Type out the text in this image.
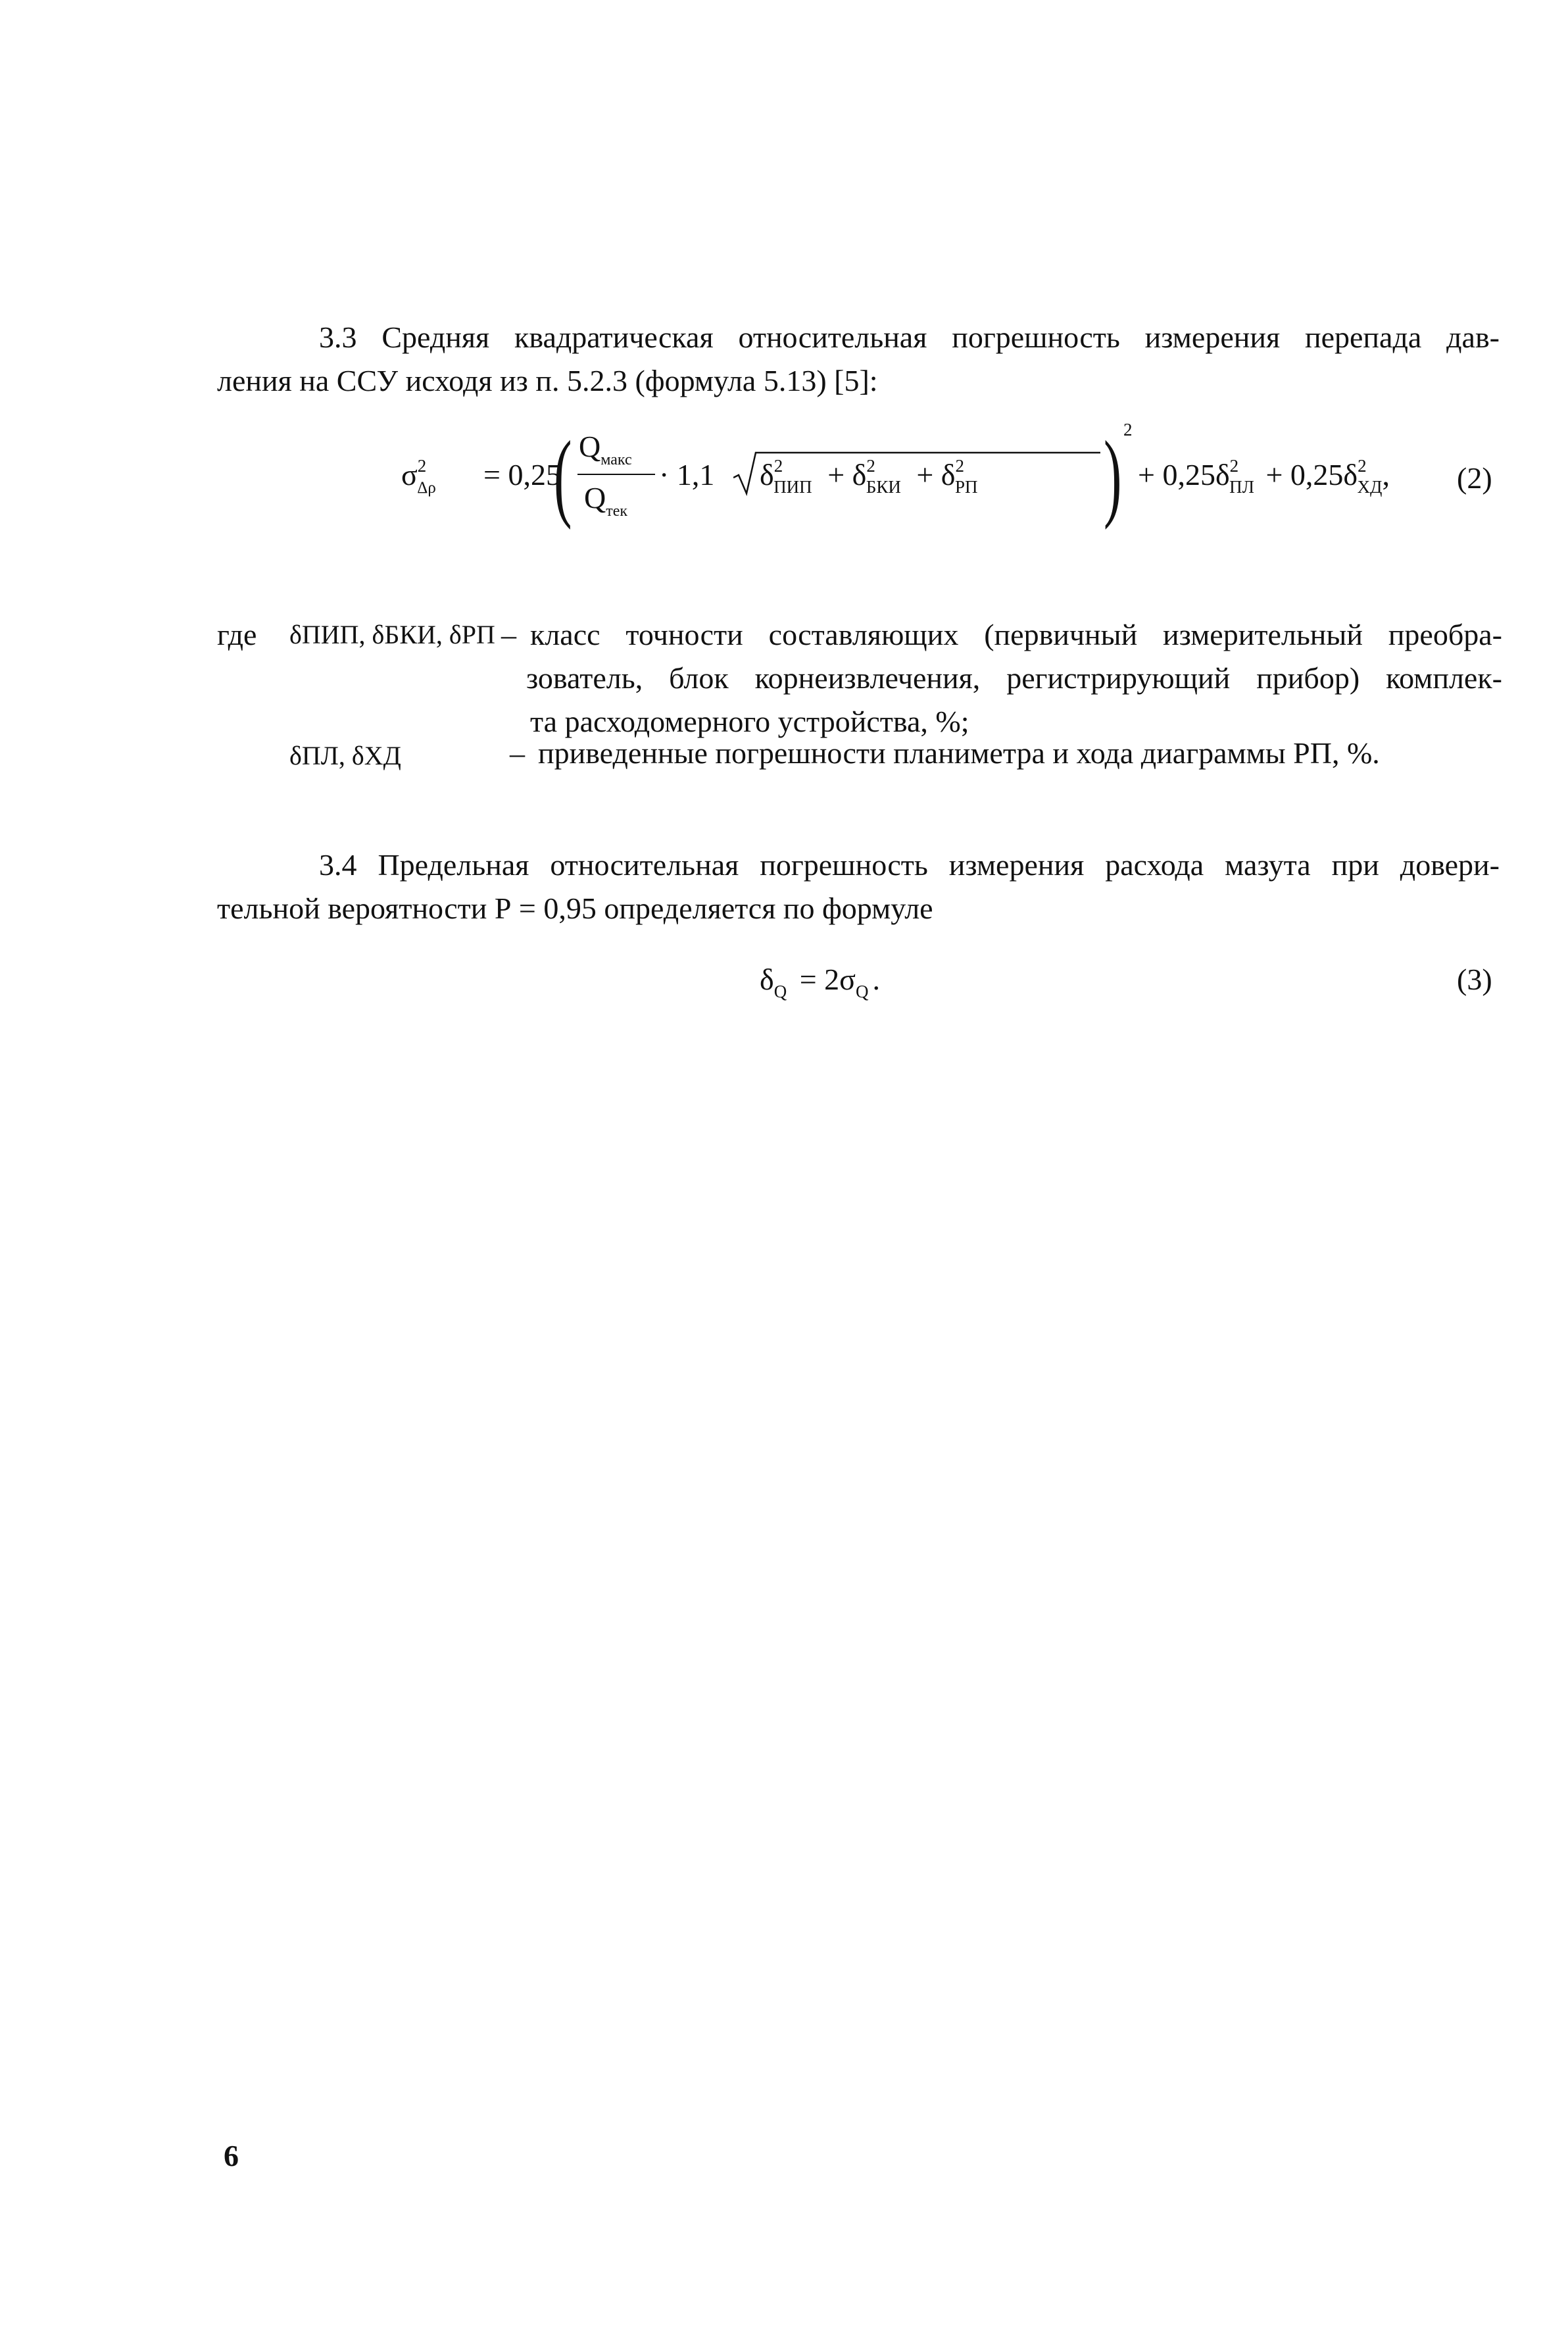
3.3 Средняя квадратическая относительная погрешность измерения перепада дав-
ления на ССУ исходя из п. 5.2.3 (формула 5.13) [5]:
$\sigma^2_{\Delta\rho} = 0,25$
( $Q_{макс}$
$Q_{тек}$
· 1,1 $\delta^2_{ПИП} + \delta^2_{БКИ} + \delta^2_{РП}$ ) 2
+ $0,25\delta^2_{ПЛ} + 0,25\delta^2_{ХД}$, (2)
где δПИП, δБКИ, δРП – класс точности составляющих (первичный измерительный преобра-
зователь, блок корнеизвлечения, регистрирующий прибор) комплек-
та расходомерного устройства, %;
δПЛ, δХД	– приведенные погрешности планиметра и хода диаграммы РП, %.
3.4 Предельная относительная погрешность измерения расхода мазута при довери-
тельной вероятности Р = 0,95 определяется по формуле
$\delta_Q = 2\sigma_Q$ .	(3)
6
